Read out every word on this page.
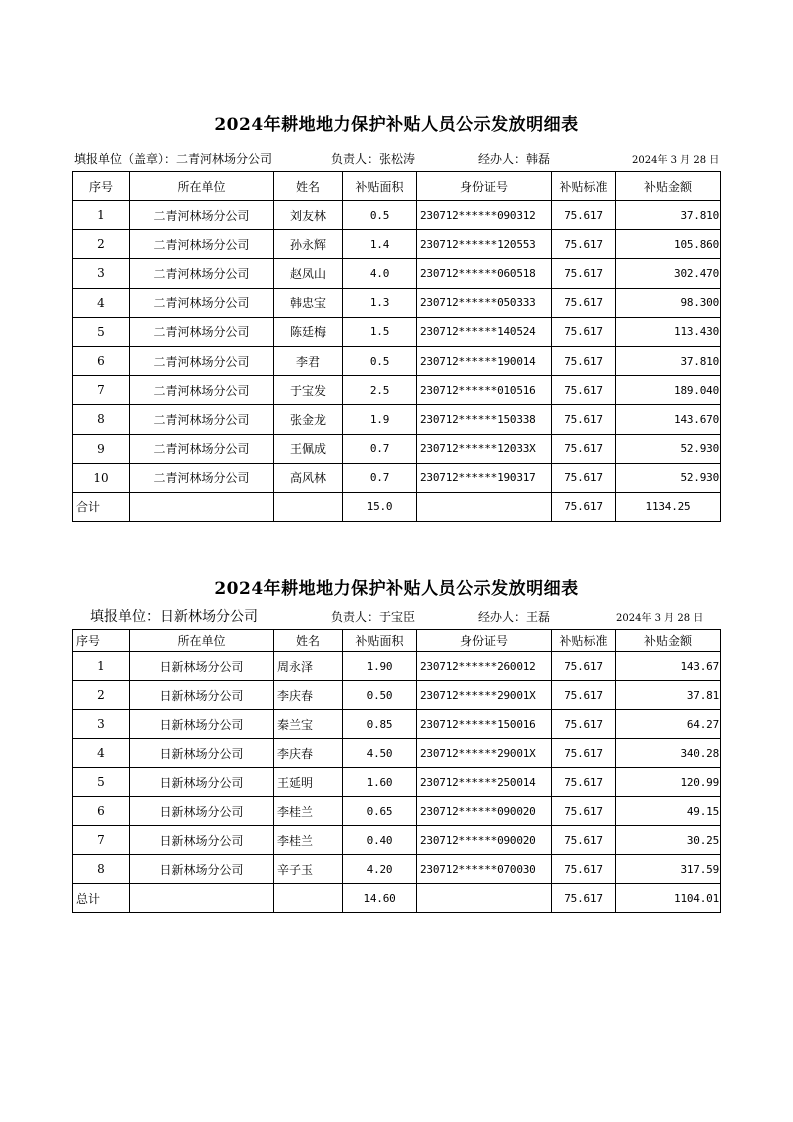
2024年耕地地力保护补贴人员公示发放明细表
填报单位（盖章）：二青河林场分公司	负责人：张松涛	经办人：韩磊	2024年 3 月 28 日
序号	所在单位	姓名	补贴面积	身份证号	补贴标准	补贴金额
1	二青河林场分公司	刘友林	0.5	230712******090312	75.617	37.810
2	二青河林场分公司	孙永辉	1.4	230712******120553	75.617	105.860
3	二青河林场分公司	赵凤山	4.0	230712******060518	75.617	302.470
4	二青河林场分公司	韩忠宝	1.3	230712******050333	75.617	98.300
5	二青河林场分公司	陈廷梅	1.5	230712******140524	75.617	113.430
6	二青河林场分公司	李君	0.5	230712******190014	75.617	37.810
7	二青河林场分公司	于宝发	2.5	230712******010516	75.617	189.040
8	二青河林场分公司	张金龙	1.9	230712******150338	75.617	143.670
9	二青河林场分公司	王佩成	0.7	230712******12033X	75.617	52.930
10	二青河林场分公司	高风林	0.7	230712******190317	75.617	52.930
合计			15.0		75.617	1134.25
2024年耕地地力保护补贴人员公示发放明细表
填报单位：日新林场分公司	负责人：于宝臣	经办人：王磊	2024年 3 月 28 日
序号	所在单位	姓名	补贴面积	身份证号	补贴标准	补贴金额
1	日新林场分公司	周永泽	1.90	230712******260012	75.617	143.67
2	日新林场分公司	李庆春	0.50	230712******29001X	75.617	37.81
3	日新林场分公司	秦兰宝	0.85	230712******150016	75.617	64.27
4	日新林场分公司	李庆春	4.50	230712******29001X	75.617	340.28
5	日新林场分公司	王延明	1.60	230712******250014	75.617	120.99
6	日新林场分公司	李桂兰	0.65	230712******090020	75.617	49.15
7	日新林场分公司	李桂兰	0.40	230712******090020	75.617	30.25
8	日新林场分公司	辛子玉	4.20	230712******070030	75.617	317.59
总计			14.60		75.617	1104.01
